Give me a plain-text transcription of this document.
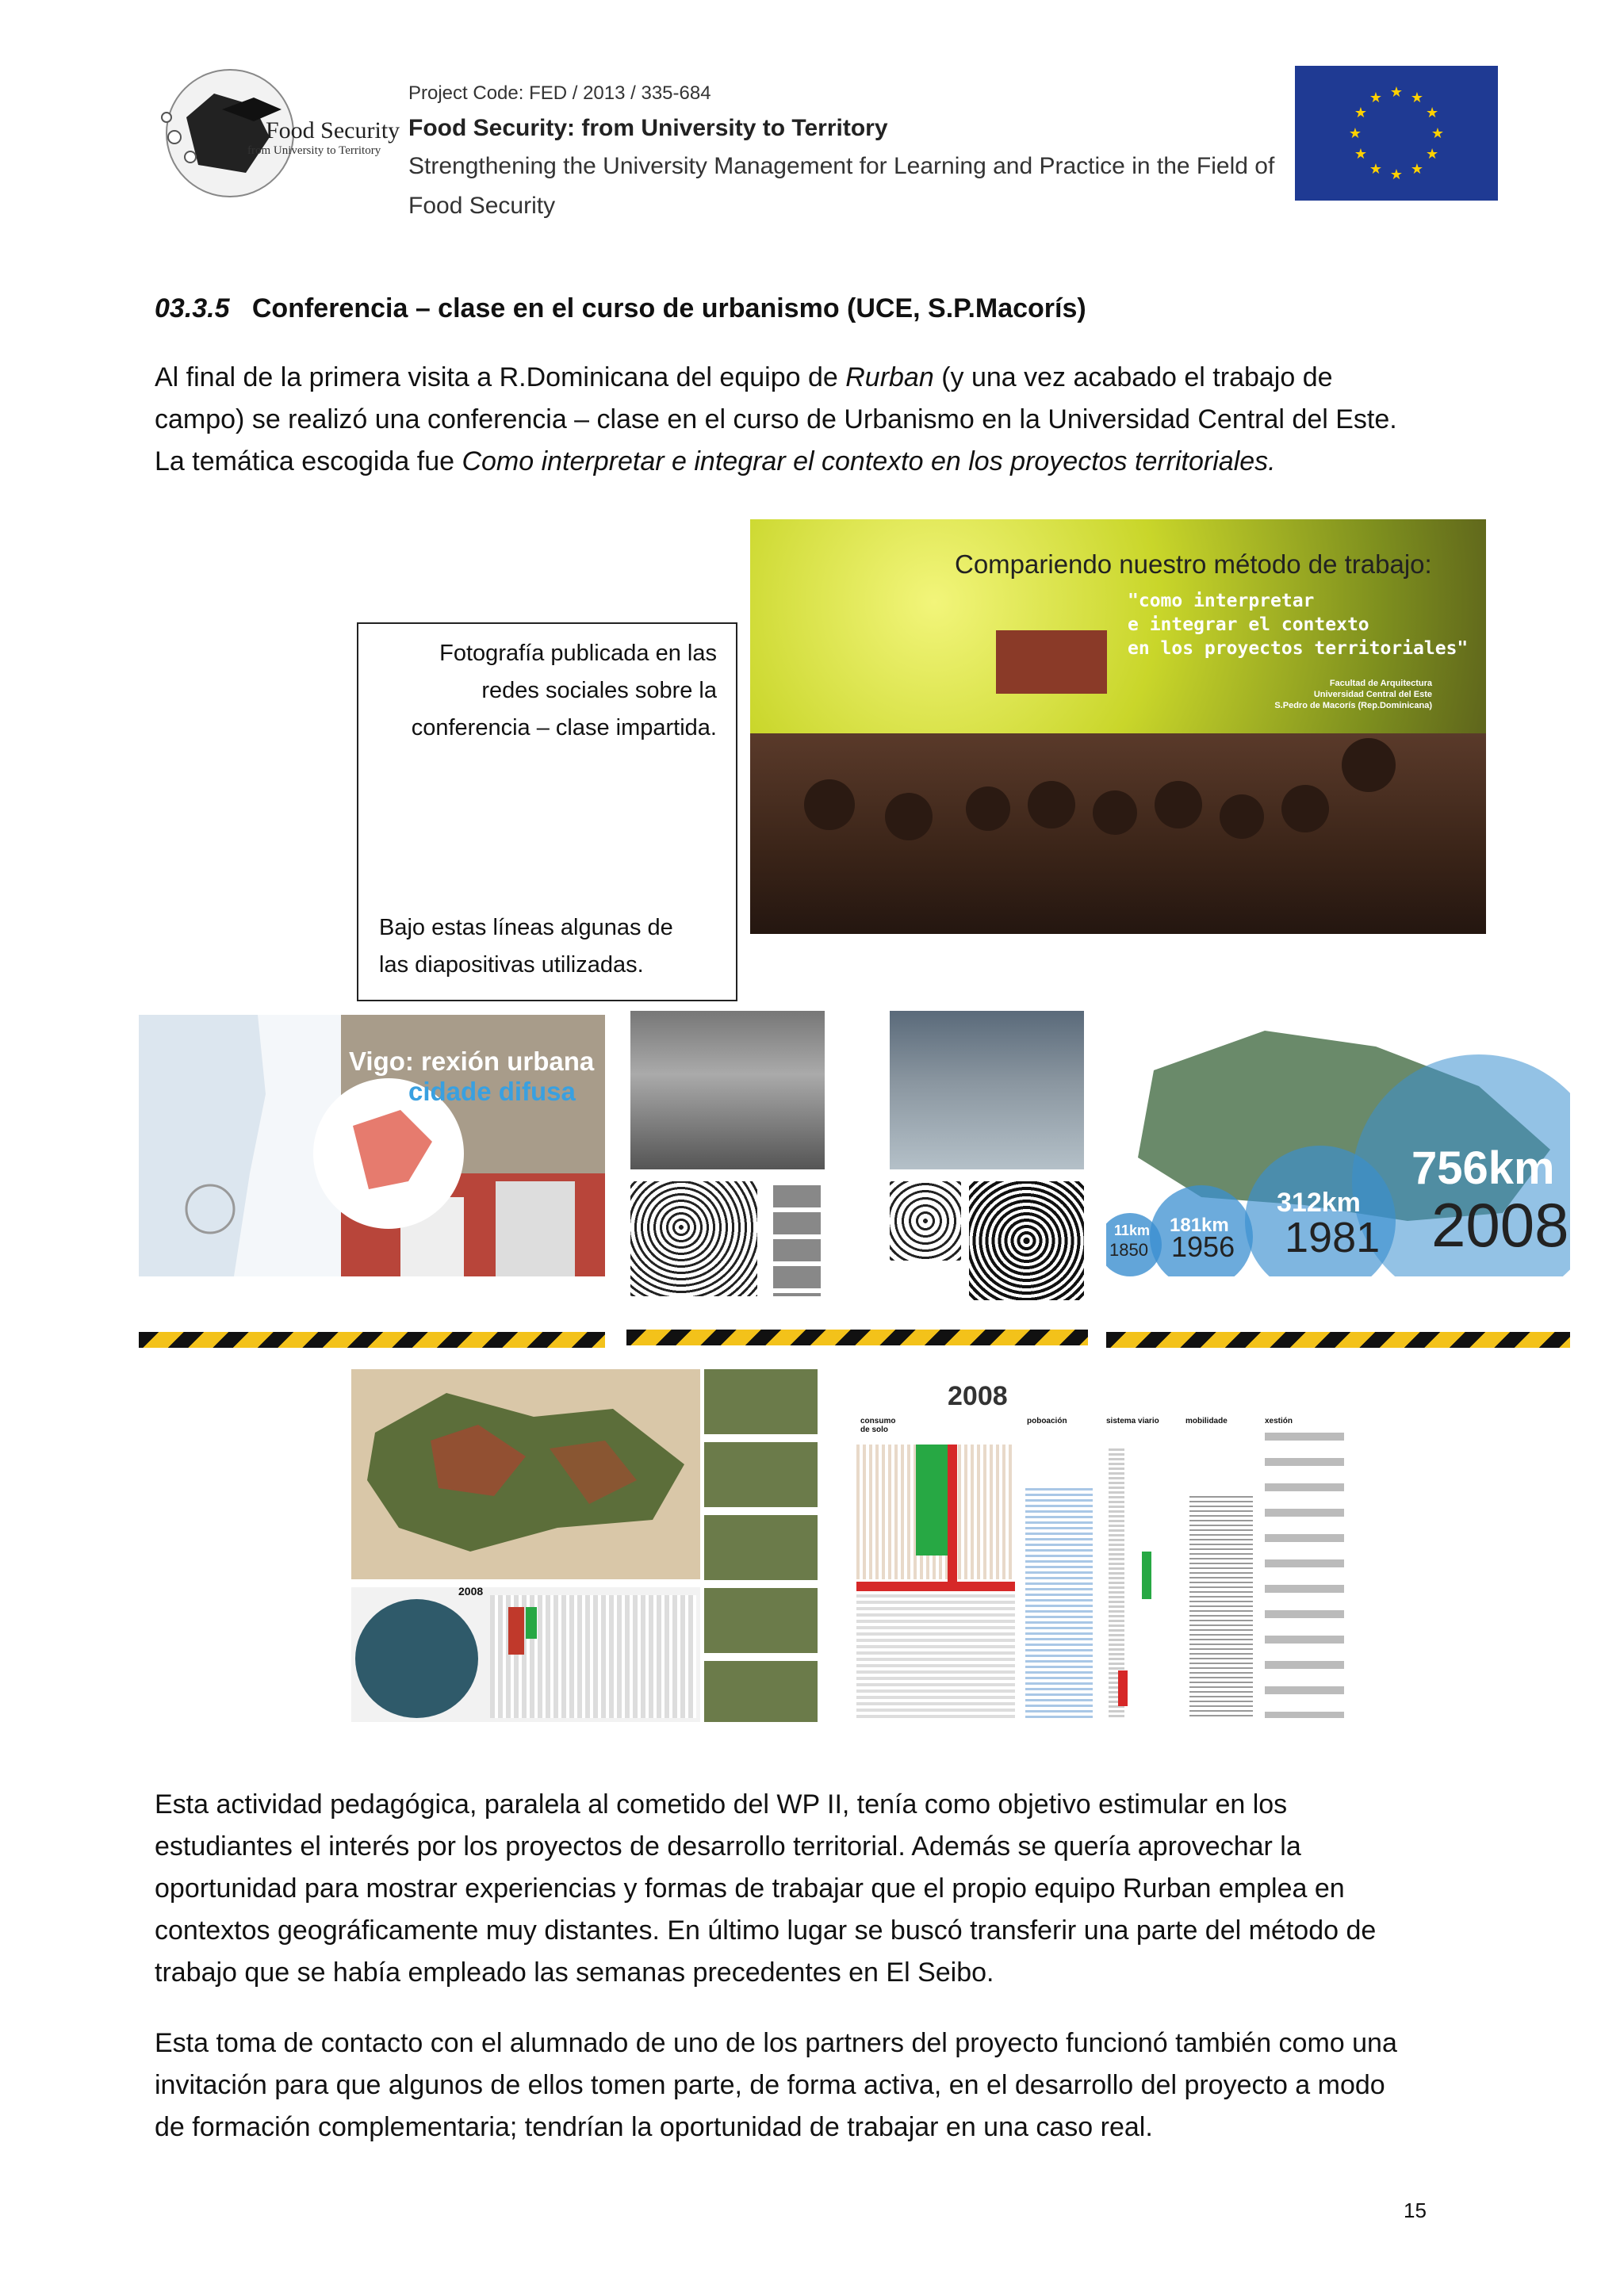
Food Security
from University to Territory
Project Code: FED / 2013 / 335-684
Food Security: from University to Territory
Strengthening the University Management for Learning and Practice in the Field of
Food Security
★ ★
★
★
★
★
★
★
★
★
★
★
03.3.5 Conferencia – clase en el curso de urbanismo (UCE, S.P.Macorís)
Al final de la primera visita a R.Dominicana del equipo de Rurban (y una vez acabado el trabajo de
campo) se realizó una conferencia – clase en el curso de Urbanismo en la Universidad Central del Este.
La temática escogida fue Como interpretar e integrar el contexto en los proyectos territoriales.
Fotografía publicada en las
redes sociales sobre la
conferencia – clase impartida.
Bajo estas líneas algunas de
las diapositivas utilizadas.
Compariendo nuestro método de trabajo:
"como interpretar
e integrar el contexto
en los proyectos territoriales"
Facultad de Arquitectura
Universidad Central del Este
S.Pedro de Macorís (Rep.Dominicana)
Vigo: rexión urbana
cidade difusa
11km
1850
181km
1956
312km
1981
756km
2008
2008
2008
consumo de solo
poboación	sistema viario	mobilidade	xestión
Esta actividad pedagógica, paralela al cometido del WP II, tenía como objetivo estimular en los
estudiantes el interés por los proyectos de desarrollo territorial. Además se quería aprovechar la
oportunidad para mostrar experiencias y formas de trabajar que el propio equipo Rurban emplea en
contextos geográficamente muy distantes. En último lugar se buscó transferir una parte del método de
trabajo que se había empleado las semanas precedentes en El Seibo.
Esta toma de contacto con el alumnado de uno de los partners del proyecto funcionó también como una
invitación para que algunos de ellos tomen parte, de forma activa, en el desarrollo del proyecto a modo
de formación complementaria; tendrían la oportunidad de trabajar en una caso real.
15
